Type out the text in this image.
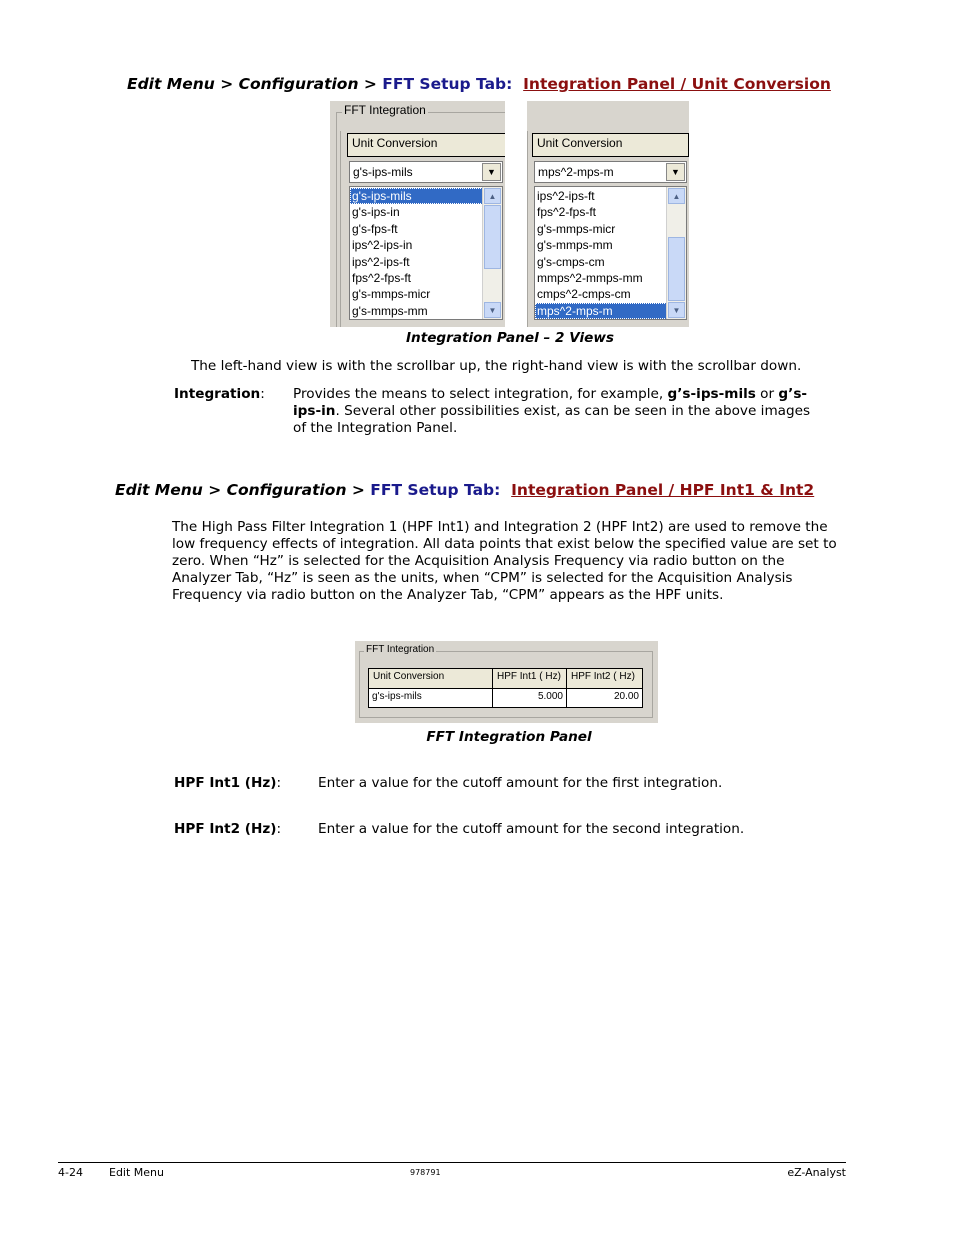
Edit Menu > Configuration > FFT Setup Tab: Integration Panel / Unit Conversion
FFT Integration
Unit Conversion
g's-ips-mils	▼
g's-ips-mils
g's-ips-in
g's-fps-ft
ips^2-ips-in
ips^2-ips-ft
fps^2-fps-ft
g's-mmps-micr
g's-mmps-mm
▲
▼
Unit Conversion
mps^2-mps-m	▼
ips^2-ips-ft
fps^2-fps-ft
g's-mmps-micr
g's-mmps-mm
g's-cmps-cm
mmps^2-mmps-mm
cmps^2-cmps-cm
mps^2-mps-m
▲
▼
Integration Panel – 2 Views
The left-hand view is with the scrollbar up, the right-hand view is with the scrollbar down.
Integration: Provides the means to select integration, for example, g’s-ips-mils or g’s-ips-in. Several other possibilities exist, as can be seen in the above images of the Integration Panel.
Edit Menu > Configuration > FFT Setup Tab: Integration Panel / HPF Int1 & Int2
The High Pass Filter Integration 1 (HPF Int1) and Integration 2 (HPF Int2) are used to remove the low frequency effects of integration. All data points that exist below the specified value are set to zero. When “Hz” is selected for the Acquisition Analysis Frequency via radio button on the Analyzer Tab, “Hz” is seen as the units, when “CPM” is selected for the Acquisition Analysis Frequency via radio button on the Analyzer Tab, “CPM” appears as the HPF units.
FFT Integration
Unit Conversion	HPF Int1 ( Hz)	HPF Int2 ( Hz)
g's-ips-mils	5.000	20.00
FFT Integration Panel
HPF Int1 (Hz):	Enter a value for the cutoff amount for the first integration.
HPF Int2 (Hz):	Enter a value for the cutoff amount for the second integration.
4-24 Edit Menu	978791	eZ-Analyst
